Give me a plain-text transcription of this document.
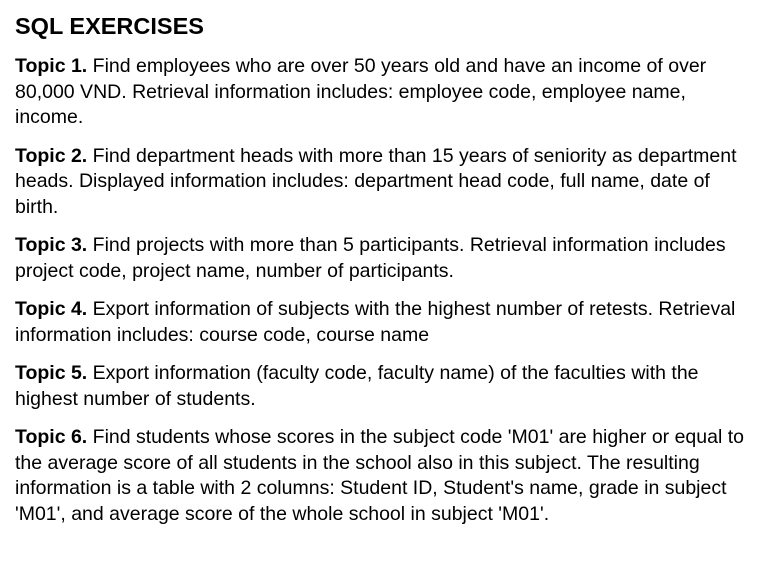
SQL EXERCISES

Topic 1. Find employees who are over 50 years old and have an income of over 80,000 VND. Retrieval information includes: employee code, employee name, income.

Topic 2. Find department heads with more than 15 years of seniority as department heads. Displayed information includes: department head code, full name, date of birth.

Topic 3. Find projects with more than 5 participants. Retrieval information includes project code, project name, number of participants.

Topic 4. Export information of subjects with the highest number of retests. Retrieval information includes: course code, course name

Topic 5. Export information (faculty code, faculty name) of the faculties with the highest number of students.

Topic 6. Find students whose scores in the subject code 'M01' are higher or equal to the average score of all students in the school also in this subject. The resulting information is a table with 2 columns: Student ID, Student's name, grade in subject 'M01', and average score of the whole school in subject 'M01'.
